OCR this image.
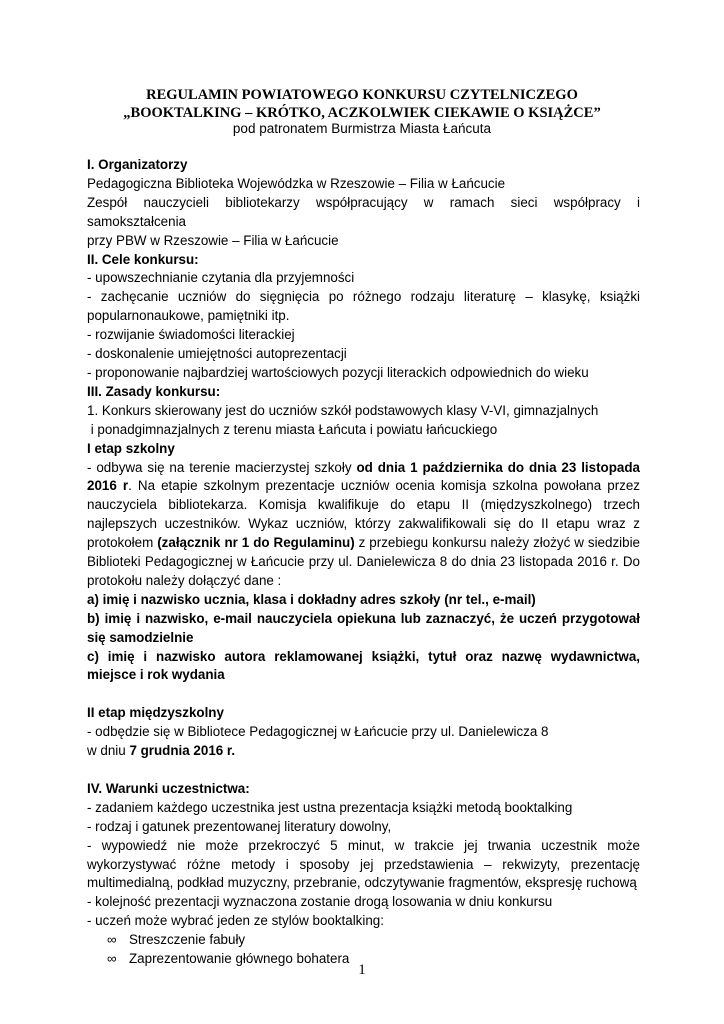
REGULAMIN POWIATOWEGO KONKURSU CZYTELNICZEGO
„BOOKTALKING – KRÓTKO, ACZKOLWIEK CIEKAWIE O KSIĄŻCE”
pod patronatem Burmistrza Miasta Łańcuta

I. Organizatorzy

Pedagogiczna Biblioteka Wojewódzka w Rzeszowie – Filia w Łańcucie

Zespół nauczycieli bibliotekarzy współpracujący w ramach sieci współpracy i samokształcenia

przy PBW w Rzeszowie – Filia w Łańcucie

II. Cele konkursu:

- upowszechnianie czytania dla przyjemności

- zachęcanie uczniów do sięgnięcia po różnego rodzaju literaturę – klasykę, książki

popularnonaukowe, pamiętniki itp.

- rozwijanie świadomości literackiej

- doskonalenie umiejętności autoprezentacji

- proponowanie najbardziej wartościowych pozycji literackich odpowiednich do wieku

III. Zasady konkursu:

1. Konkurs skierowany jest do uczniów szkół podstawowych klasy V-VI, gimnazjalnych

i ponadgimnazjalnych z terenu miasta Łańcuta i powiatu łańcuckiego

I etap szkolny

- odbywa się na terenie macierzystej szkoły od dnia 1 października do dnia 23 listopada 2016 r. Na etapie szkolnym prezentacje uczniów ocenia komisja szkolna powołana przez nauczyciela bibliotekarza. Komisja kwalifikuje do etapu II (międzyszkolnego) trzech najlepszych uczestników. Wykaz uczniów, którzy zakwalifikowali się do II etapu wraz z protokołem (załącznik nr 1 do Regulaminu) z przebiegu konkursu należy złożyć w siedzibie Biblioteki Pedagogicznej w Łańcucie przy ul. Danielewicza 8 do dnia 23 listopada 2016 r. Do protokołu należy dołączyć dane :

a) imię i nazwisko ucznia, klasa i dokładny adres szkoły (nr tel., e-mail)

b) imię i nazwisko, e-mail nauczyciela opiekuna lub zaznaczyć, że uczeń przygotował się samodzielnie

c) imię i nazwisko autora reklamowanej książki, tytuł oraz nazwę wydawnictwa, miejsce i rok wydania

II etap międzyszkolny

- odbędzie się w Bibliotece Pedagogicznej w Łańcucie przy ul. Danielewicza 8

w dniu 7 grudnia 2016 r.

IV. Warunki uczestnictwa:

- zadaniem każdego uczestnika jest ustna prezentacja książki metodą booktalking

- rodzaj i gatunek prezentowanej literatury dowolny,

- wypowiedź nie może przekroczyć 5 minut, w trakcie jej trwania uczestnik może wykorzystywać różne metody i sposoby jej przedstawienia – rekwizyty, prezentację multimedialną, podkład muzyczny, przebranie, odczytywanie fragmentów, ekspresję ruchową

- kolejność prezentacji wyznaczona zostanie drogą losowania w dniu konkursu

- uczeń może wybrać jeden ze stylów booktalking:

∞ Streszczenie fabuły
∞ Zaprezentowanie głównego bohatera
1
